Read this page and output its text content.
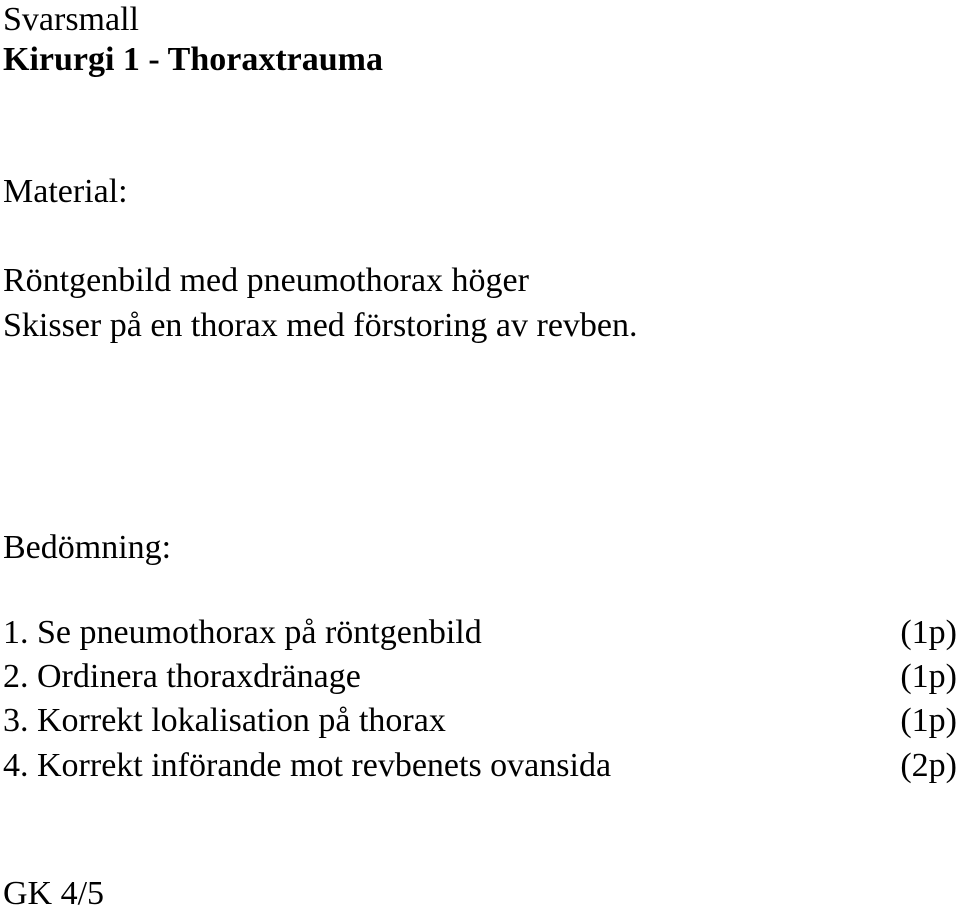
Svarsmall
Kirurgi 1 - Thoraxtrauma
Material:
Röntgenbild med pneumothorax höger
Skisser på en thorax med förstoring av revben.
Bedömning:
1. Se pneumothorax på röntgenbild	(1p)
2. Ordinera thoraxdränage	(1p)
3. Korrekt lokalisation på thorax	(1p)
4. Korrekt införande mot revbenets ovansida	(2p)
GK 4/5
